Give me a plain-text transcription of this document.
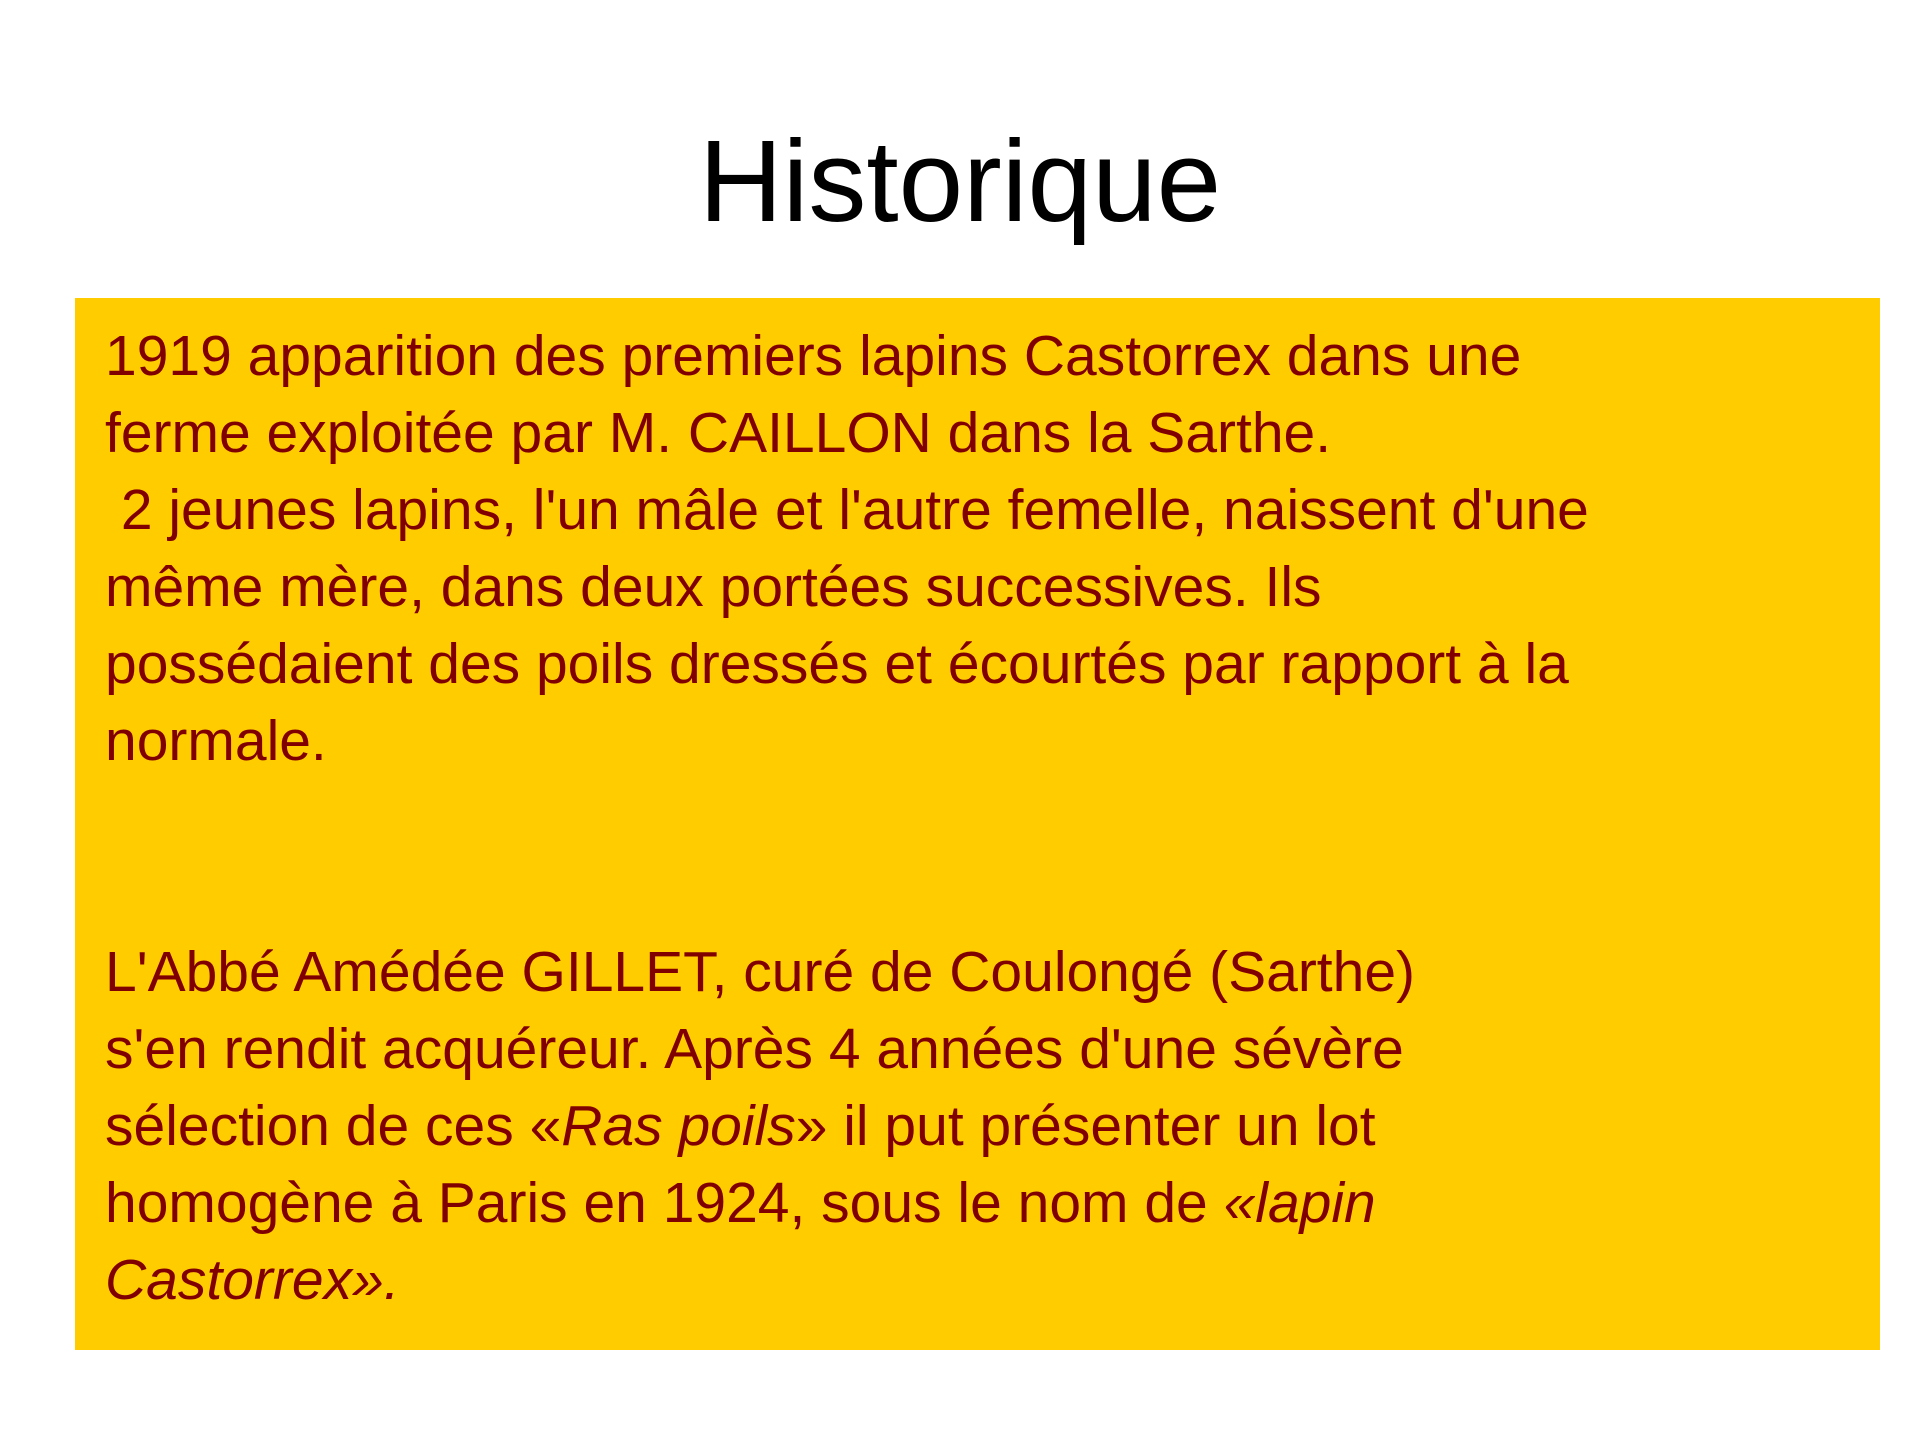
Historique

1919 apparition des premiers lapins Castorrex dans une
ferme exploitée par M. CAILLON dans la Sarthe.
2 jeunes lapins, l'un mâle et l'autre femelle, naissent d'une
même mère, dans deux portées successives. Ils
possédaient des poils dressés et écourtés par rapport à la
normale.

L'Abbé Amédée GILLET, curé de Coulongé (Sarthe)
s'en rendit acquéreur. Après 4 années d'une sévère
sélection de ces «Ras poils» il put présenter un lot
homogène à Paris en 1924, sous le nom de «lapin
Castorrex».
